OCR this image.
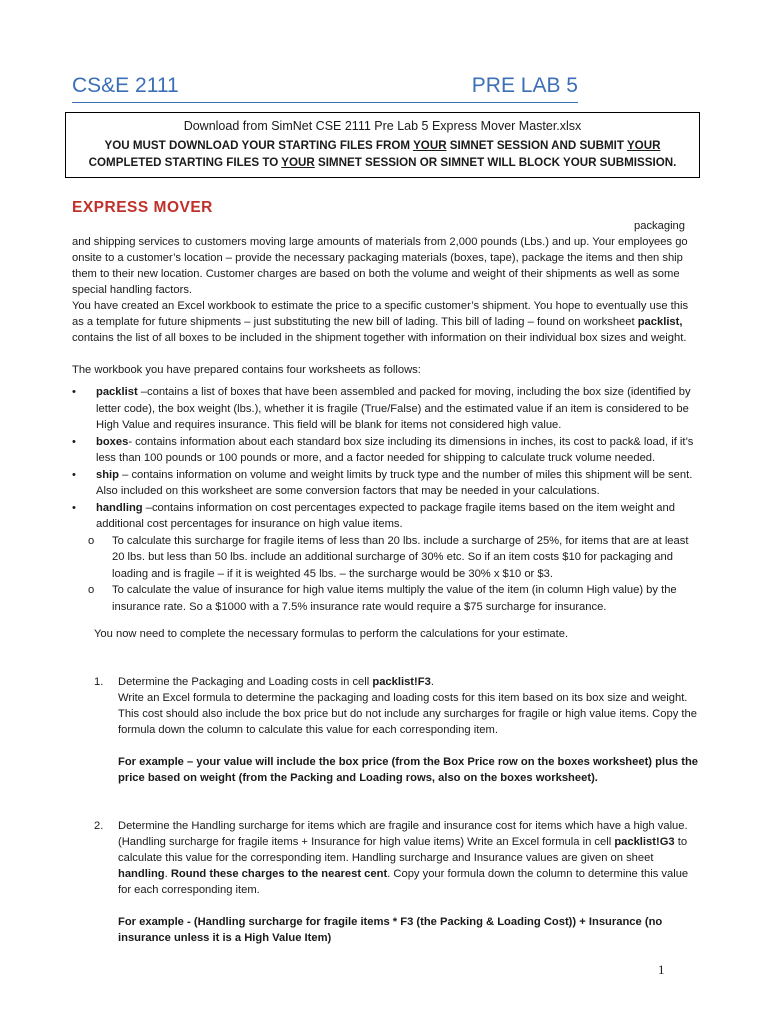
CS&E 2111	PRE LAB 5
Download from SimNet CSE 2111 Pre Lab 5 Express Mover Master.xlsx
YOU MUST DOWNLOAD YOUR STARTING FILES FROM YOUR SIMNET SESSION AND SUBMIT YOUR
COMPLETED STARTING FILES TO YOUR SIMNET SESSION OR SIMNET WILL BLOCK YOUR SUBMISSION.
EXPRESS MOVER
packaging
and shipping services to customers moving large amounts of materials from 2,000 pounds (Lbs.) and up. Your employees go onsite to a customer’s location – provide the necessary packaging materials (boxes, tape), package the items and then ship them to their new location. Customer charges are based on both the volume and weight of their shipments as well as some special handling factors.
You have created an Excel workbook to estimate the price to a specific customer’s shipment. You hope to eventually use this as a template for future shipments – just substituting the new bill of lading. This bill of lading – found on worksheet packlist, contains the list of all boxes to be included in the shipment together with information on their individual box sizes and weight.
The workbook you have prepared contains four worksheets as follows:
• packlist –contains a list of boxes that have been assembled and packed for moving, including the box size (identified by letter code), the box weight (lbs.), whether it is fragile (True/False) and the estimated value if an item is considered to be High Value and requires insurance. This field will be blank for items not considered high value.
• boxes- contains information about each standard box size including its dimensions in inches, its cost to pack& load, if it’s less than 100 pounds or 100 pounds or more, and a factor needed for shipping to calculate truck volume needed.
• ship – contains information on volume and weight limits by truck type and the number of miles this shipment will be sent. Also included on this worksheet are some conversion factors that may be needed in your calculations.
• handling –contains information on cost percentages expected to package fragile items based on the item weight and additional cost percentages for insurance on high value items.
o To calculate this surcharge for fragile items of less than 20 lbs. include a surcharge of 25%, for items that are at least 20 lbs. but less than 50 lbs. include an additional surcharge of 30% etc. So if an item costs $10 for packaging and loading and is fragile – if it is weighted 45 lbs. – the surcharge would be 30% x $10 or $3.
o To calculate the value of insurance for high value items multiply the value of the item (in column High value) by the insurance rate. So a $1000 with a 7.5% insurance rate would require a $75 surcharge for insurance.
You now need to complete the necessary formulas to perform the calculations for your estimate.
1. Determine the Packaging and Loading costs in cell packlist!F3.
Write an Excel formula to determine the packaging and loading costs for this item based on its box size and weight. This cost should also include the box price but do not include any surcharges for fragile or high value items. Copy the formula down the column to calculate this value for each corresponding item.
For example – your value will include the box price (from the Box Price row on the boxes worksheet) plus the price based on weight (from the Packing and Loading rows, also on the boxes worksheet).
2. Determine the Handling surcharge for items which are fragile and insurance cost for items which have a high value. (Handling surcharge for fragile items + Insurance for high value items) Write an Excel formula in cell packlist!G3 to calculate this value for the corresponding item. Handling surcharge and Insurance values are given on sheet handling. Round these charges to the nearest cent. Copy your formula down the column to determine this value for each corresponding item.
For example - (Handling surcharge for fragile items * F3 (the Packing & Loading Cost)) + Insurance (no insurance unless it is a High Value Item)
1
